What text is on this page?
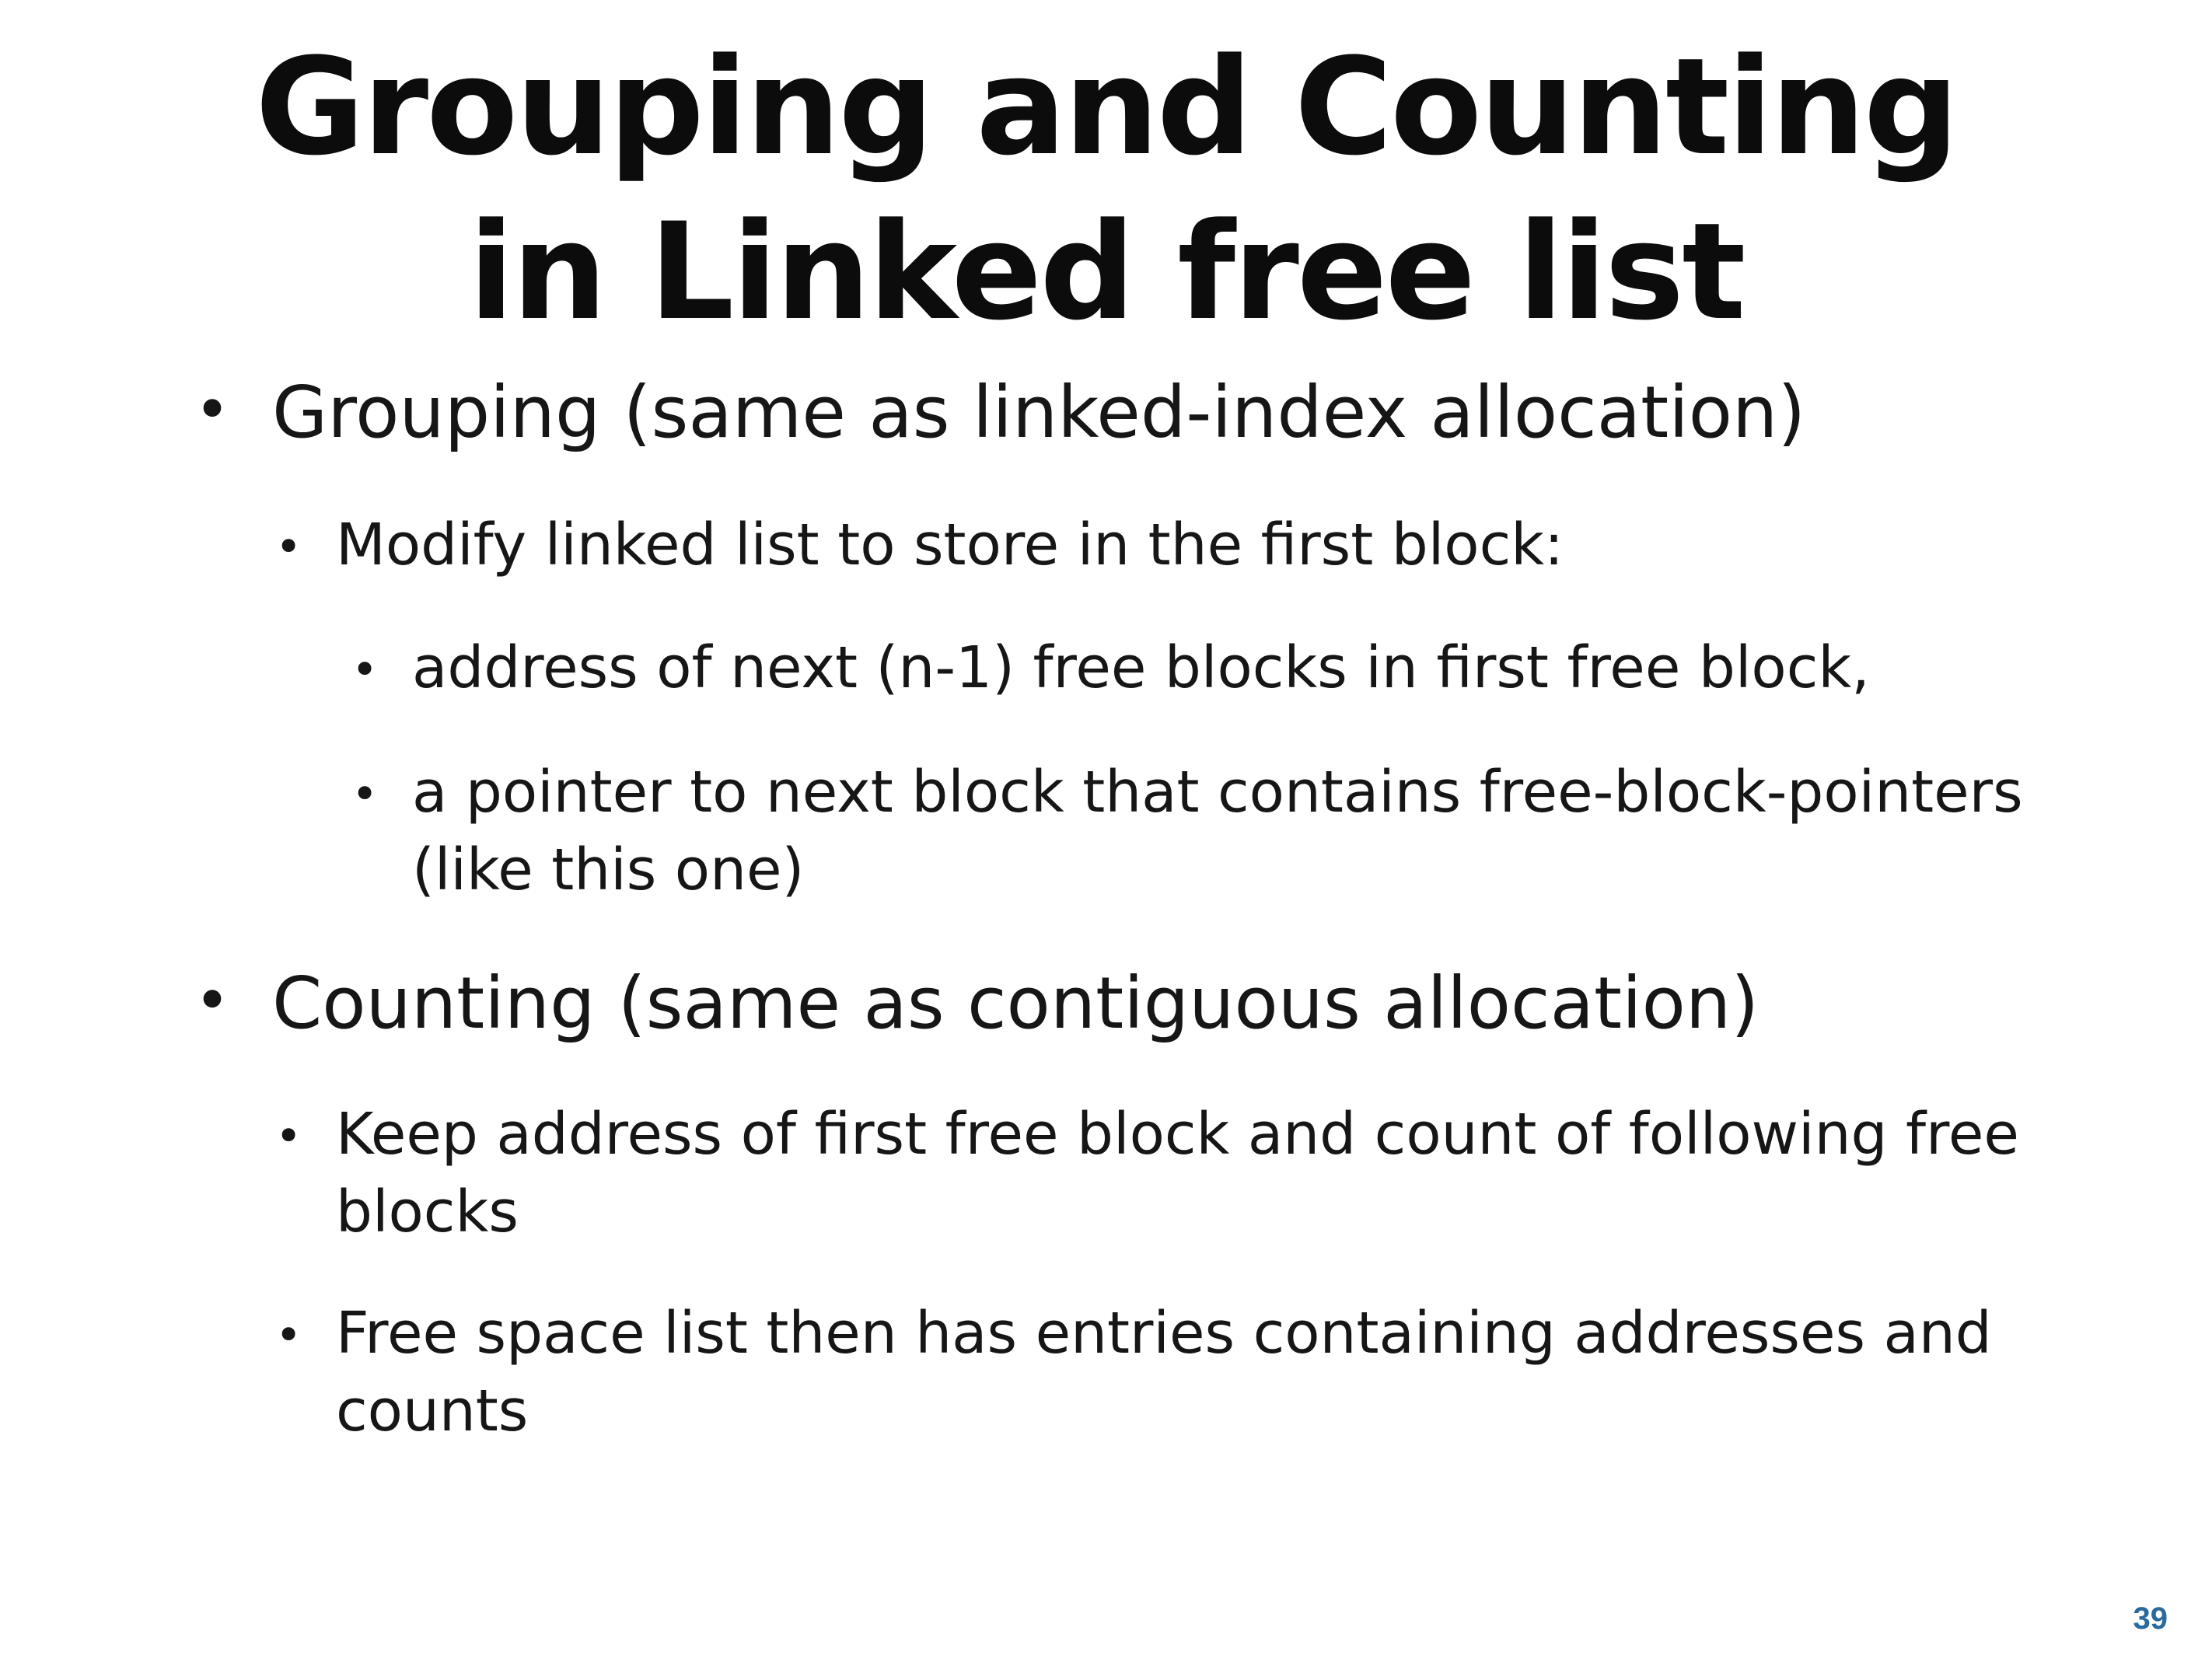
Grouping and Counting
in Linked free list
• Grouping (same as linked-index allocation)
• Modify linked list to store in the first block:
• address of next (n-1) free blocks in first free block,
• a pointer to next block that contains free-block-pointers
(like this one)
• Counting (same as contiguous allocation)
• Keep address of first free block and count of following free
blocks
• Free space list then has entries containing addresses and
counts
39
